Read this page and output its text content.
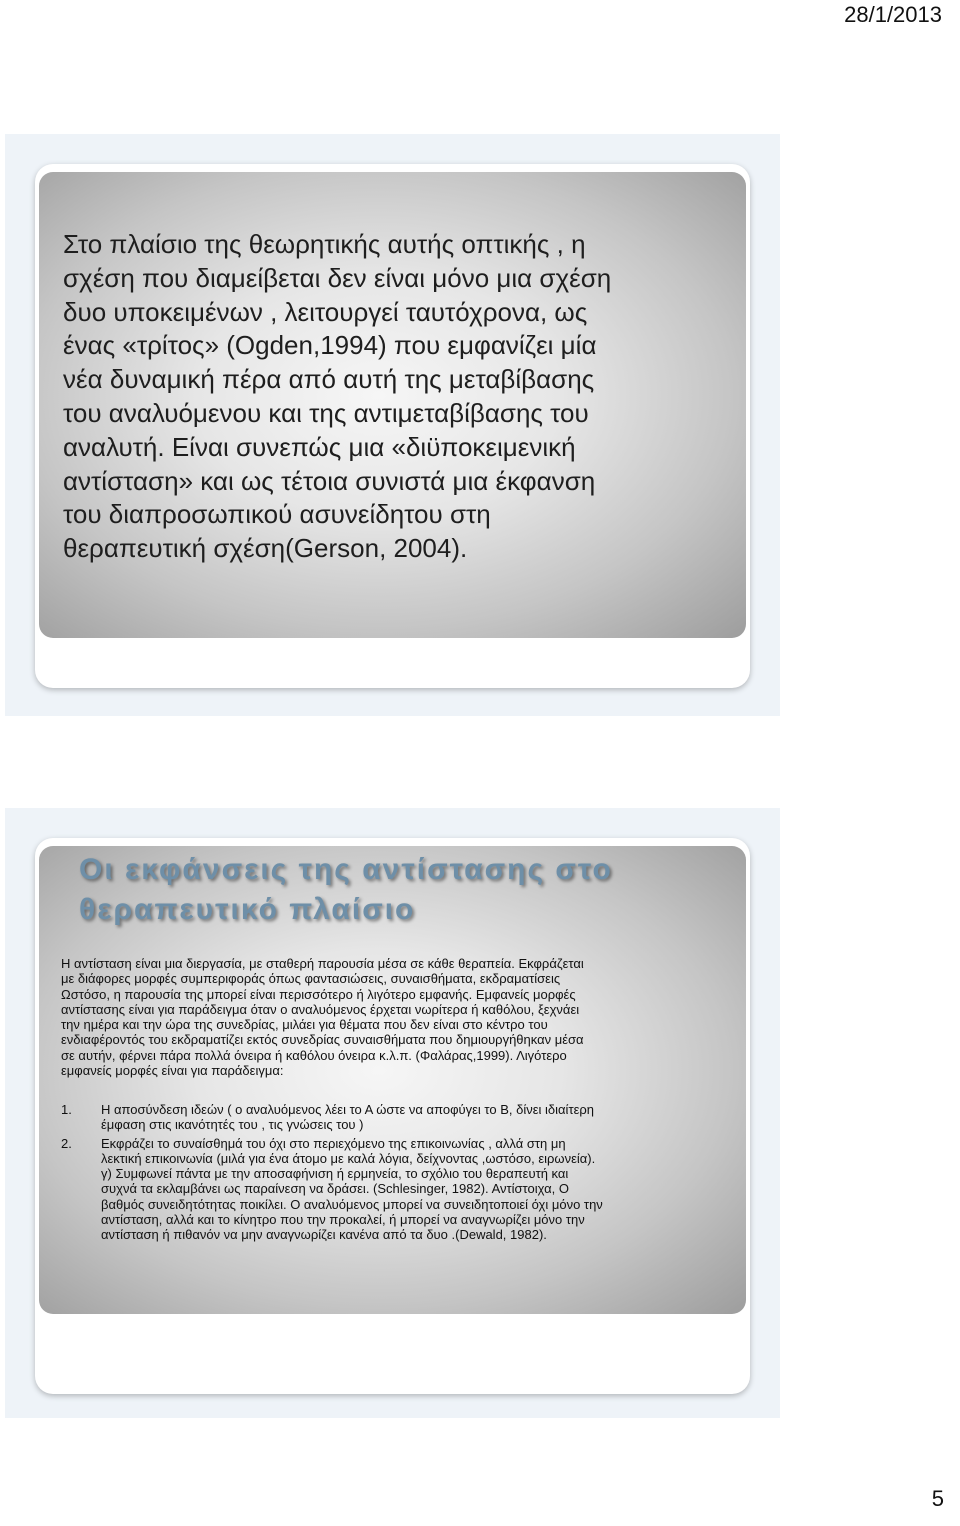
28/1/2013
Στο πλαίσιο της θεωρητικής αυτής οπτικής , η
σχέση που διαμείβεται δεν είναι μόνο μια σχέση
δυο υποκειμένων , λειτουργεί ταυτόχρονα, ως
ένας «τρίτος» (Ogden,1994) που εμφανίζει μία
νέα δυναμική πέρα από αυτή της μεταβίβασης
του αναλυόμενου και της αντιμεταβίβασης του
αναλυτή. Είναι συνεπώς μια «διϋποκειμενική
αντίσταση» και ως τέτοια συνιστά μια έκφανση
του διαπροσωπικού ασυνείδητου στη
θεραπευτική σχέση(Gerson, 2004).
Οι εκφάνσεις της αντίστασης στο
θεραπευτικό πλαίσιο
Η αντίσταση είναι μια διεργασία, με σταθερή παρουσία μέσα σε κάθε θεραπεία. Εκφράζεται
με διάφορες μορφές συμπεριφοράς όπως φαντασιώσεις, συναισθήματα, εκδραματίσεις
Ωστόσο, η παρουσία της μπορεί είναι περισσότερο ή λιγότερο εμφανής. Εμφανείς μορφές
αντίστασης είναι για παράδειγμα όταν ο αναλυόμενος έρχεται νωρίτερα ή καθόλου, ξεχνάει
την ημέρα και την ώρα της συνεδρίας, μιλάει για θέματα που δεν είναι στο κέντρο του
ενδιαφέροντός του εκδραματίζει εκτός συνεδρίας συναισθήματα που δημιουργήθηκαν μέσα
σε αυτήν, φέρνει πάρα πολλά όνειρα ή καθόλου όνειρα κ.λ.π. (Φαλάρας,1999). Λιγότερο
εμφανείς μορφές είναι για παράδειγμα:
1.	Η αποσύνδεση ιδεών ( ο αναλυόμενος λέει το Α ώστε να αποφύγει το Β, δίνει ιδιαίτερη
έμφαση στις ικανότητές του , τις γνώσεις του )
2.	Εκφράζει το συναίσθημά του όχι στο περιεχόμενο της επικοινωνίας , αλλά στη μη
λεκτική επικοινωνία (μιλά για ένα άτομο με καλά λόγια, δείχνοντας ,ωστόσο, ειρωνεία).
γ) Συμφωνεί πάντα με την αποσαφήνιση ή ερμηνεία, το σχόλιο του θεραπευτή και
συχνά τα εκλαμβάνει ως παραίνεση να δράσει. (Schlesinger, 1982). Αντίστοιχα, Ο
βαθμός συνειδητότητας ποικίλει. Ο αναλυόμενος μπορεί να συνειδητοποιεί όχι μόνο την
αντίσταση, αλλά και το κίνητρο που την προκαλεί, ή μπορεί να αναγνωρίζει μόνο την
αντίσταση ή πιθανόν να μην αναγνωρίζει κανένα από τα δυο .(Dewald, 1982).
5
